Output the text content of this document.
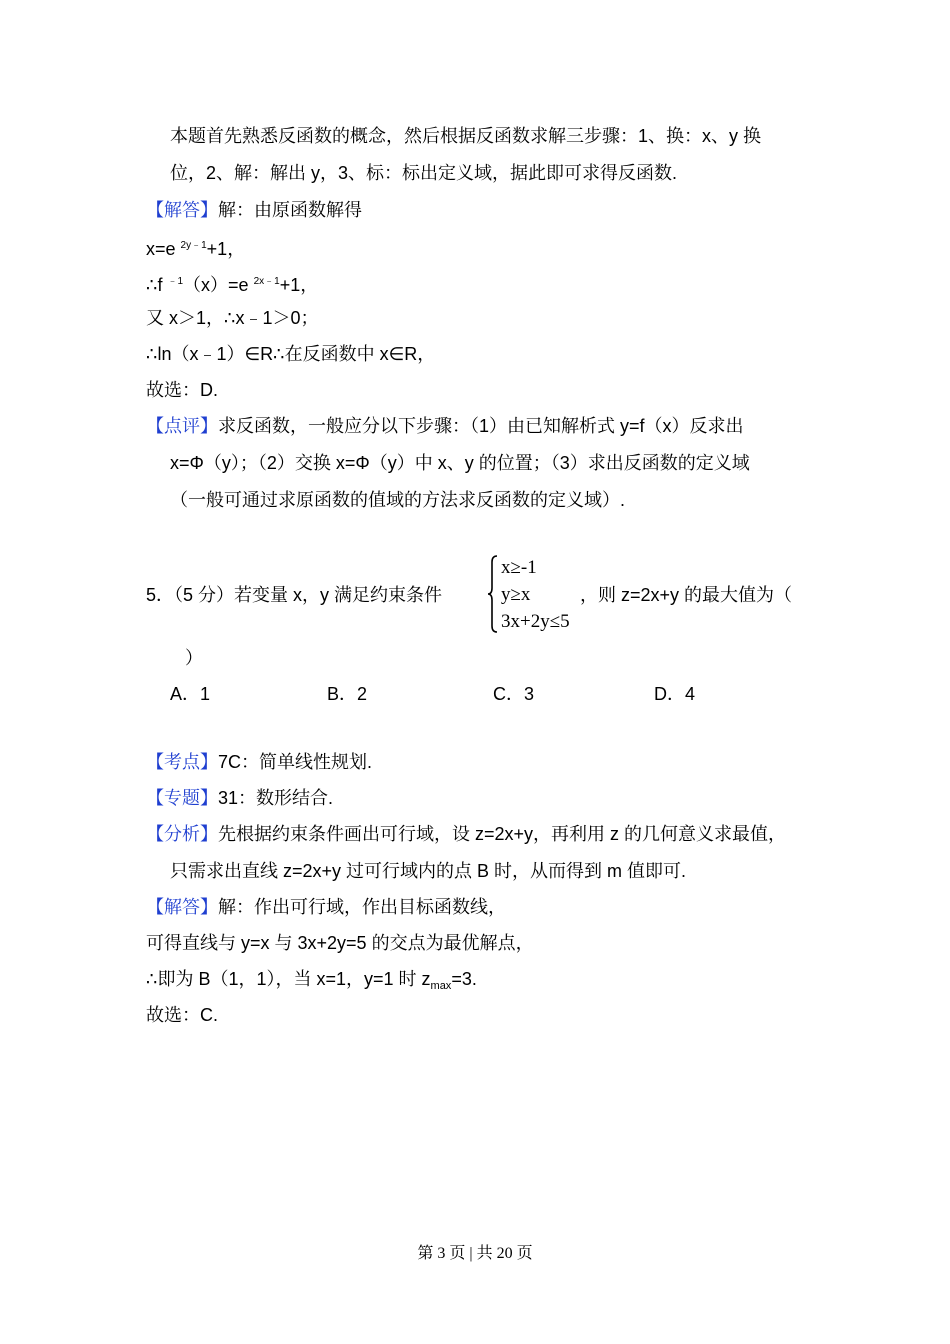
本题首先熟悉反函数的概念，然后根据反函数求解三步骤：1、换：x、y 换
位，2、解：解出 y，3、标：标出定义域，据此即可求得反函数.
【解答】解：由原函数解得
x=e $^{2y﹣1}$+1，
∴f $^{﹣1}$（x）=e $^{2x﹣1}$+1，
又 x＞1，∴x﹣1＞0；
∴ln（x﹣1）∈R∴在反函数中 x∈R，
故选：D.
【点评】求反函数，一般应分以下步骤：（1）由已知解析式 y=f（x）反求出
x=Φ（y）；（2）交换 x=Φ（y）中 x、y 的位置；（3）求出反函数的定义域
（一般可通过求原函数的值域的方法求反函数的定义域）.
5．（5 分）若变量 x，y 满足约束条件
x≥-1
y≥x
3x+2y≤5
，则 z=2x+y 的最大值为（
）
A．1	B．2	C．3	D．4
【考点】7C：简单线性规划.
【专题】31：数形结合.
【分析】先根据约束条件画出可行域，设 z=2x+y，再利用 z 的几何意义求最值，
只需求出直线 z=2x+y 过可行域内的点 B 时，从而得到 m 值即可.
【解答】解：作出可行域，作出目标函数线，
可得直线与 y=x 与 3x+2y=5 的交点为最优解点，
∴即为 B（1，1），当 x=1，y=1 时 $z_{max}=3$.
故选：C.
第 3 页 | 共 20 页
